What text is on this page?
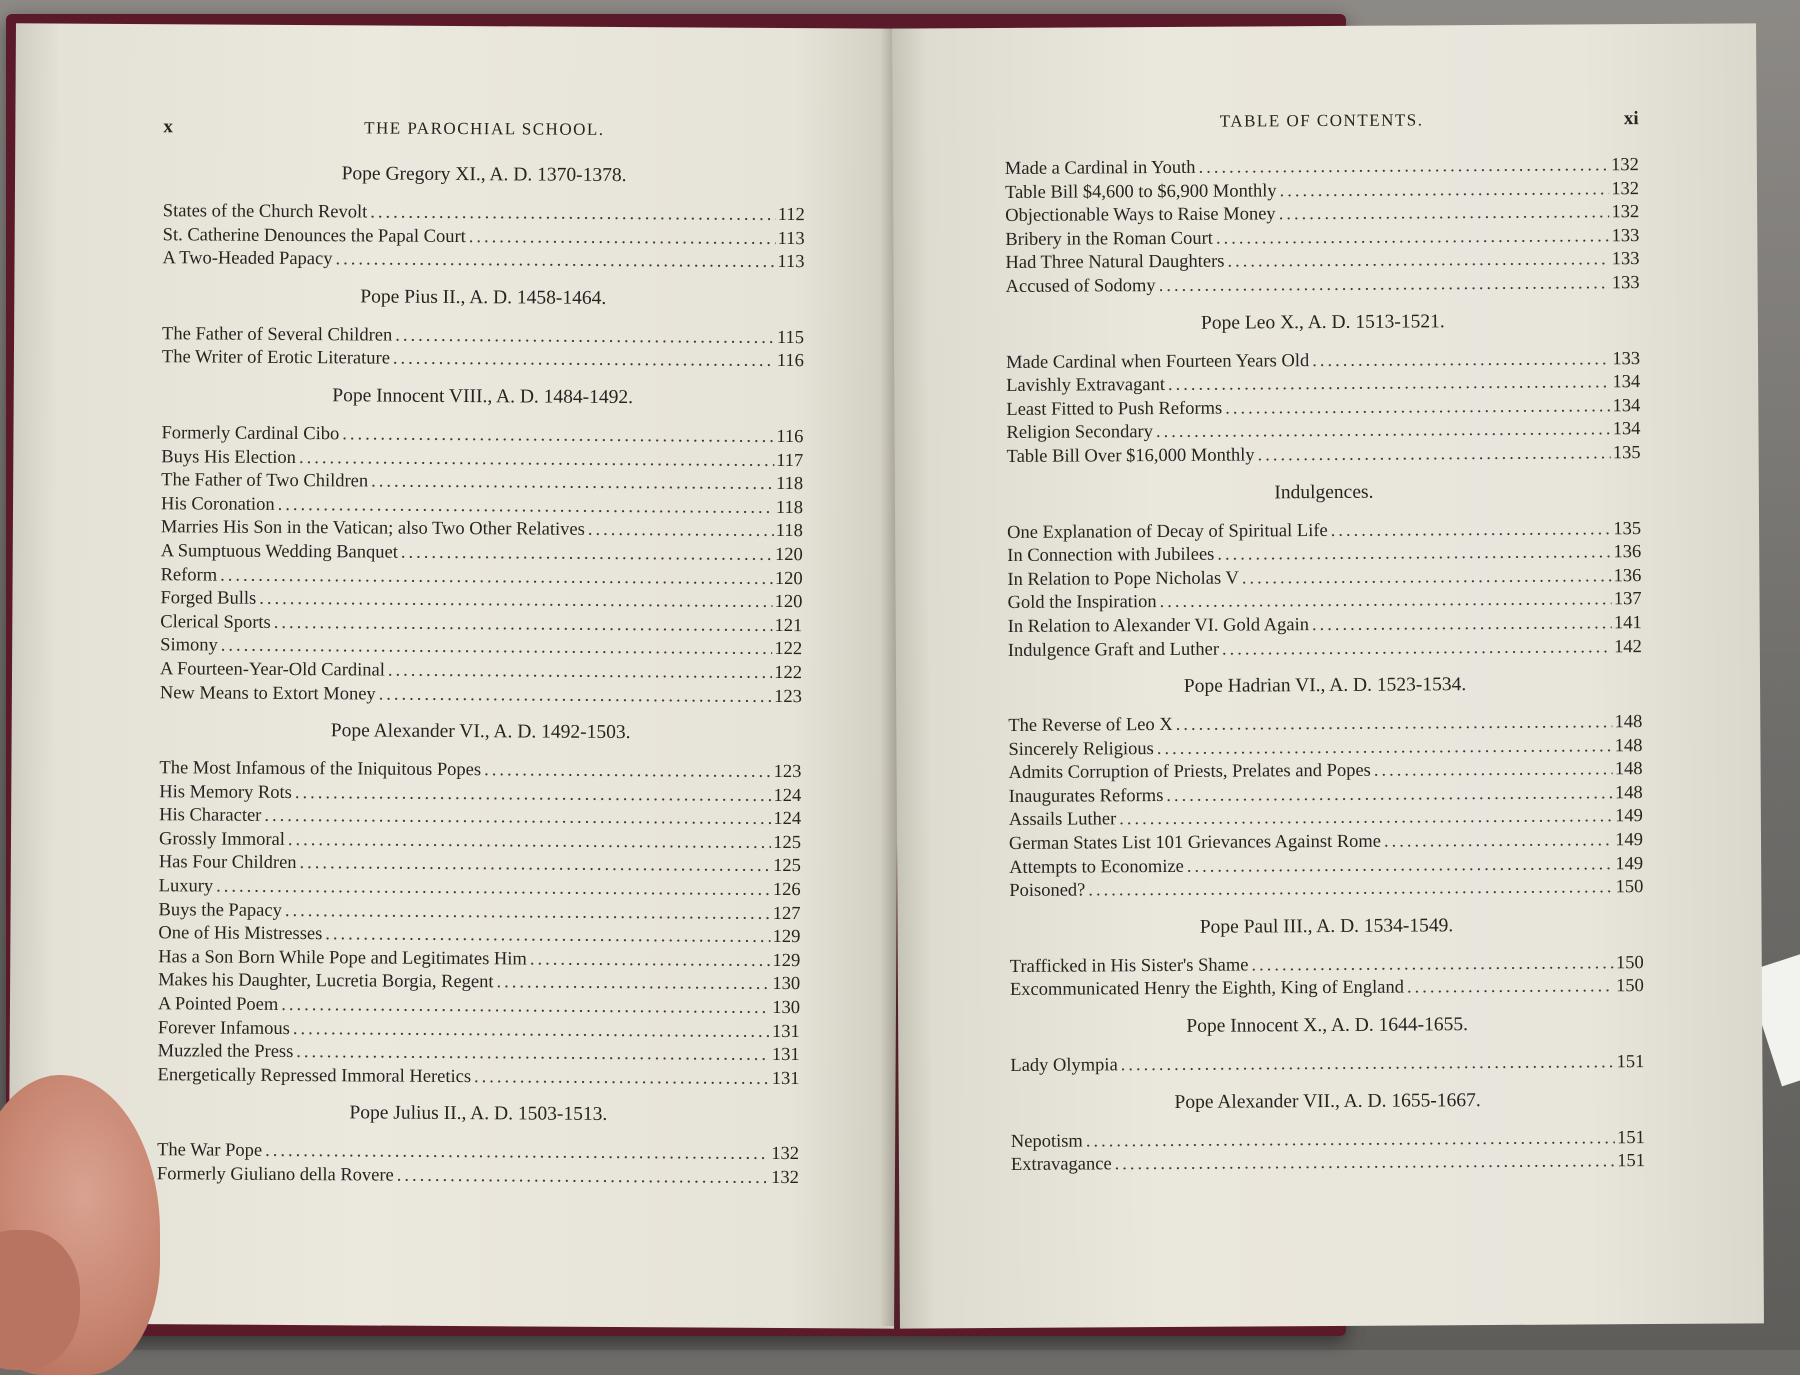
x	THE PAROCHIAL SCHOOL.
Pope Gregory XI., A. D. 1370-1378.
States of the Church Revolt .....	112
St. Catherine Denounces the Papal Court .....	113
A Two-Headed Papacy .....	113
Pope Pius II., A. D. 1458-1464.
The Father of Several Children .....	115
The Writer of Erotic Literature .....	116
Pope Innocent VIII., A. D. 1484-1492.
Formerly Cardinal Cibo .....	116
Buys His Election .....	117
The Father of Two Children .....	118
His Coronation .....	118
Marries His Son in the Vatican; also Two Other Relatives .....	118
A Sumptuous Wedding Banquet .....	120
Reform .....	120
Forged Bulls .....	120
Clerical Sports .....	121
Simony .....	122
A Fourteen-Year-Old Cardinal .....	122
New Means to Extort Money .....	123
Pope Alexander VI., A. D. 1492-1503.
The Most Infamous of the Iniquitous Popes .....	123
His Memory Rots .....	124
His Character .....	124
Grossly Immoral .....	125
Has Four Children .....	125
Luxury .....	126
Buys the Papacy .....	127
One of His Mistresses .....	129
Has a Son Born While Pope and Legitimates Him .....	129
Makes his Daughter, Lucretia Borgia, Regent .....	130
A Pointed Poem .....	130
Forever Infamous .....	131
Muzzled the Press .....	131
Energetically Repressed Immoral Heretics .....	131
Pope Julius II., A. D. 1503-1513.
The War Pope .....	132
Formerly Giuliano della Rovere .....	132
TABLE OF CONTENTS.	xi
Made a Cardinal in Youth .....	132
Table Bill $4,600 to $6,900 Monthly .....	132
Objectionable Ways to Raise Money .....	132
Bribery in the Roman Court .....	133
Had Three Natural Daughters .....	133
Accused of Sodomy .....	133
Pope Leo X., A. D. 1513-1521.
Made Cardinal when Fourteen Years Old .....	133
Lavishly Extravagant .....	134
Least Fitted to Push Reforms .....	134
Religion Secondary .....	134
Table Bill Over $16,000 Monthly .....	135
Indulgences.
One Explanation of Decay of Spiritual Life .....	135
In Connection with Jubilees .....	136
In Relation to Pope Nicholas V .....	136
Gold the Inspiration .....	137
In Relation to Alexander VI. Gold Again .....	141
Indulgence Graft and Luther .....	142
Pope Hadrian VI., A. D. 1523-1534.
The Reverse of Leo X .....	148
Sincerely Religious .....	148
Admits Corruption of Priests, Prelates and Popes .....	148
Inaugurates Reforms .....	148
Assails Luther .....	149
German States List 101 Grievances Against Rome .....	149
Attempts to Economize .....	149
Poisoned? .....	150
Pope Paul III., A. D. 1534-1549.
Trafficked in His Sister's Shame .....	150
Excommunicated Henry the Eighth, King of England .....	150
Pope Innocent X., A. D. 1644-1655.
Lady Olympia .....	151
Pope Alexander VII., A. D. 1655-1667.
Nepotism .....	151
Extravagance .....	151
